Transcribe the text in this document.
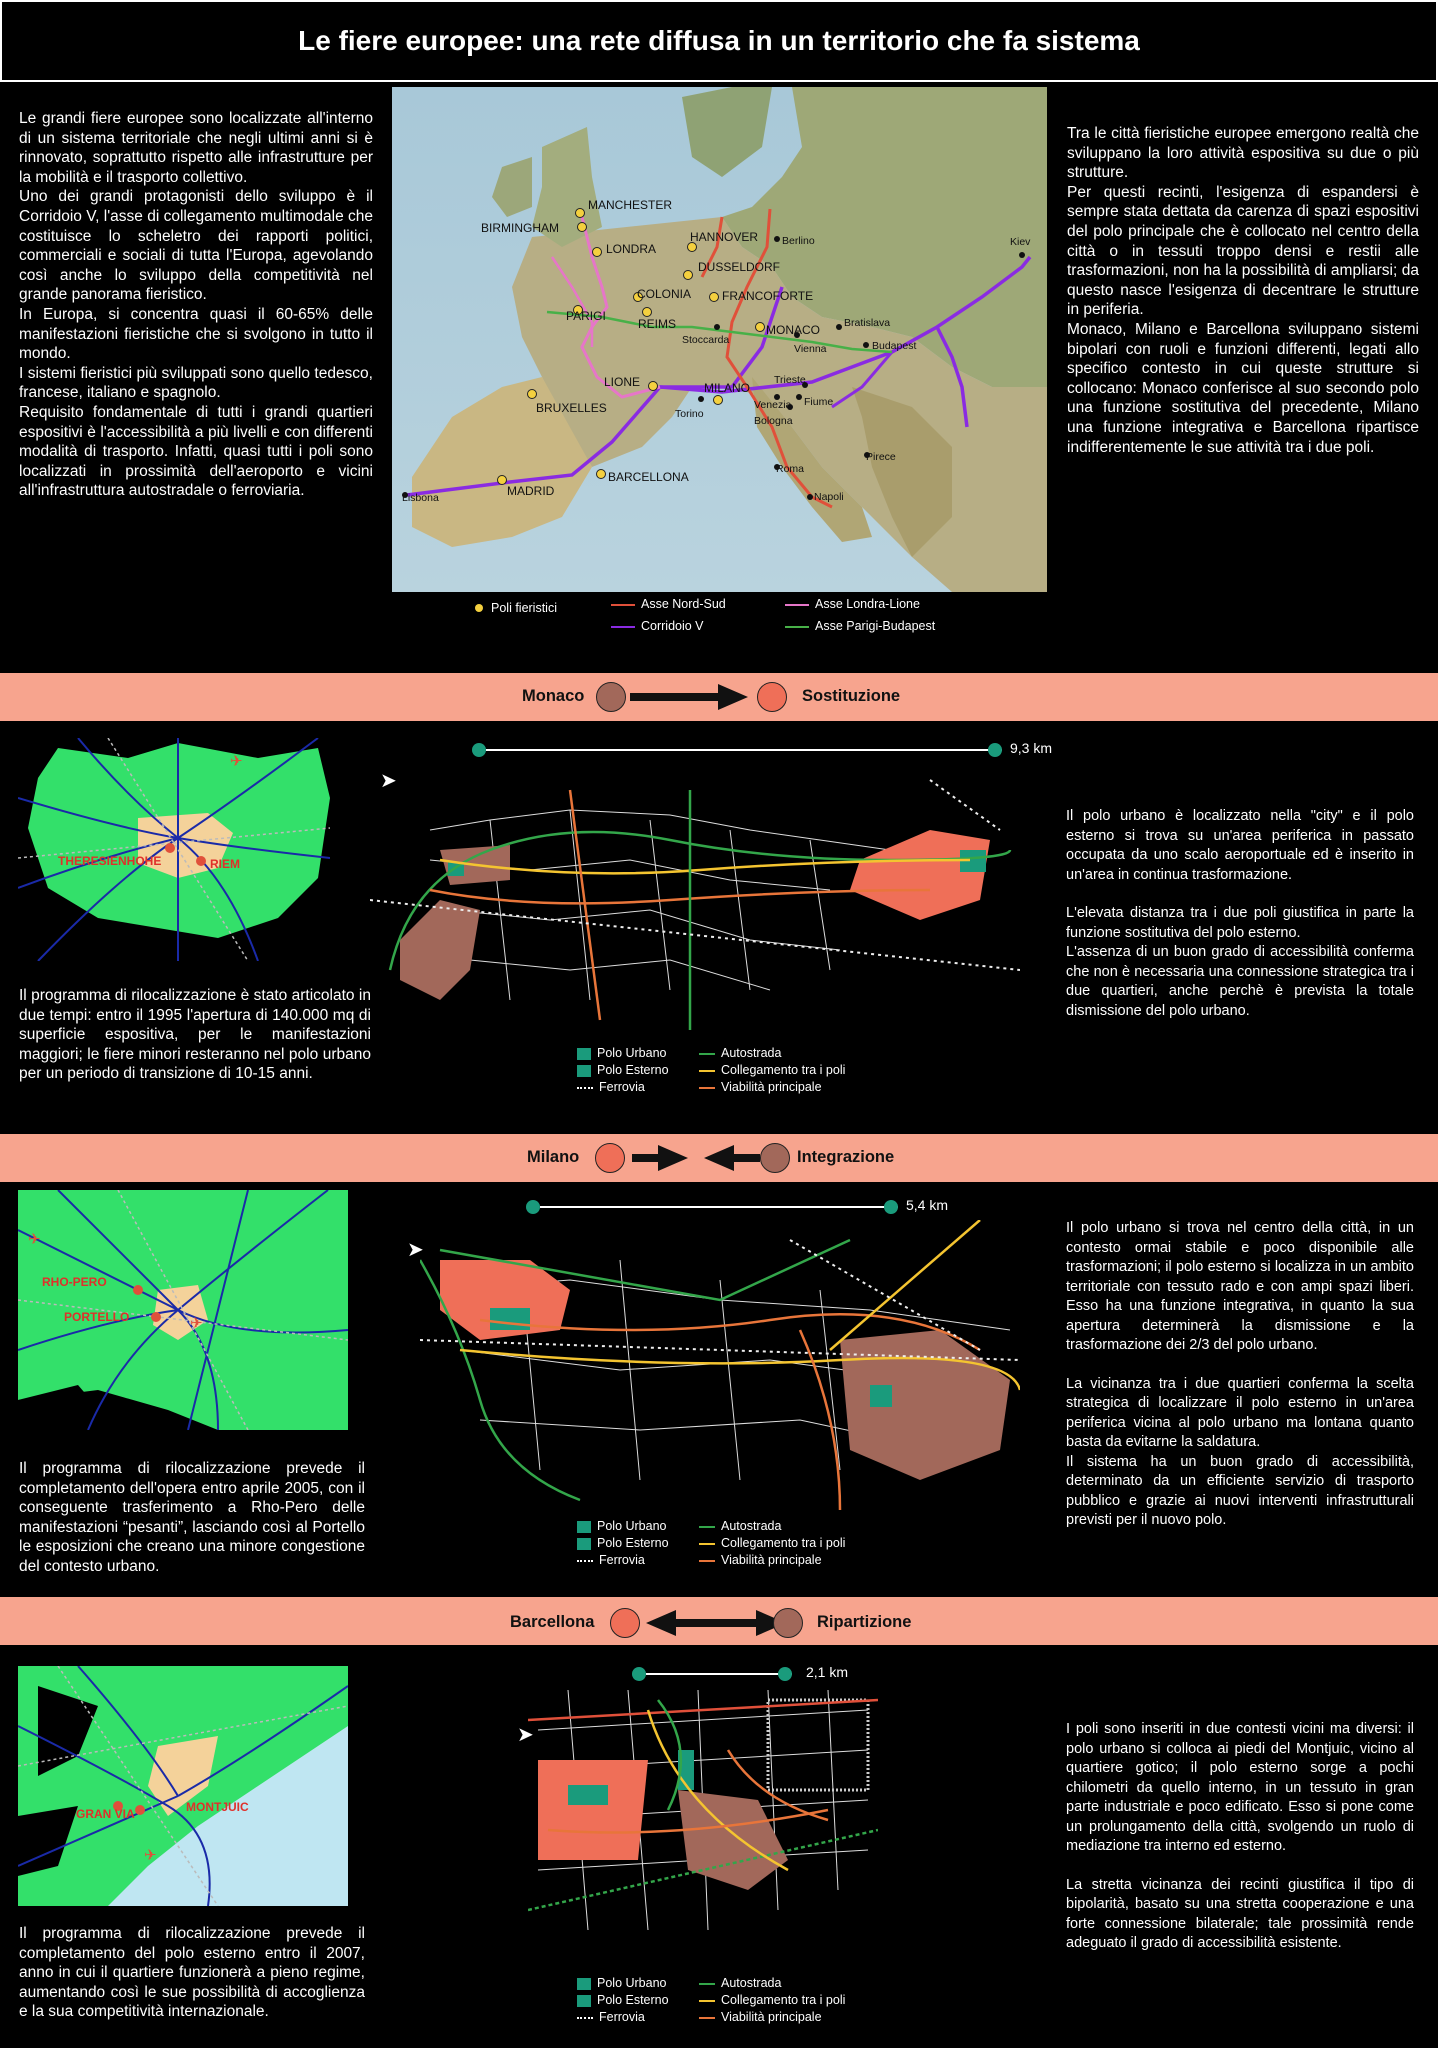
Le fiere europee: una rete diffusa in un territorio che fa sistema

Le grandi fiere europee sono localizzate all'interno di un sistema territoriale che negli ultimi anni si è rinnovato, soprattutto rispetto alle infrastrutture per la mobilità e il trasporto collettivo.

Uno dei grandi protagonisti dello sviluppo è il Corridoio V, l'asse di collegamento multimodale che costituisce lo scheletro dei rapporti politici, commerciali e sociali di tutta l'Europa, agevolando così anche lo sviluppo della competitività nel grande panorama fieristico.

In Europa, si concentra quasi il 60-65% delle manifestazioni fieristiche che si svolgono in tutto il mondo.

I sistemi fieristici più sviluppati sono quello tedesco, francese, italiano e spagnolo.

Requisito fondamentale di tutti i grandi quartieri espositivi è l'accessibilità a più livelli e con differenti modalità di trasporto. Infatti, quasi tutti i poli sono localizzati in prossimità dell'aeroporto e vicini all'infrastruttura autostradale o ferroviaria.

MANCHESTER
BIRMINGHAM
LONDRA
HANNOVER
DUSSELDORF
COLONIA	FRANCOFORTE
PARIGI
REIMS	MONACO
LIONE	MILANO
BRUXELLES
BARCELLONA
MADRID
Berlino	Kiev
Stoccarda
Bratislava
Vienna	Budapest
Trieste
Venezia Fiume
Torino
Bologna
Roma
Napoli
Pirece
Lisbona
Poli fieristici	Asse Nord-Sud
Corridoio V
Asse Londra-Lione
Asse Parigi-Budapest

Tra le città fieristiche europee emergono realtà che sviluppano la loro attività espositiva su due o più strutture.

Per questi recinti, l'esigenza di espandersi è sempre stata dettata da carenza di spazi espositivi del polo principale che è collocato nel centro della città o in tessuti troppo densi e restii alle trasformazioni, non ha la possibilità di ampliarsi; da questo nasce l'esigenza di decentrare le strutture in periferia.

Monaco, Milano e Barcellona sviluppano sistemi bipolari con ruoli e funzioni differenti, legati allo specifico contesto in cui queste strutture si collocano: Monaco conferisce al suo secondo polo una funzione sostitutiva del precedente, Milano una funzione integrativa e Barcellona ripartisce indifferentemente le sue attività tra i due poli.

Monaco	Sostituzione
THERESIENHOHE	RIEM
✈
Il programma di rilocalizzazione è stato articolato in due tempi: entro il 1995 l'apertura di 140.000 mq di superficie espositiva, per le manifestazioni maggiori; le fiere minori resteranno nel polo urbano per un periodo di transizione di 10-15 anni.
9,3 km
➤
Polo Urbano
Polo Esterno
Ferrovia
Autostrada
Collegamento tra i poli
Viabilità principale

Il polo urbano è localizzato nella "city" e il polo esterno si trova su un'area periferica in passato occupata da uno scalo aeroportuale ed è inserito in un'area in continua trasformazione.

L'elevata distanza tra i due poli giustifica in parte la funzione sostitutiva del polo esterno.

L'assenza di un buon grado di accessibilità conferma che non è necessaria una connessione strategica tra i due quartieri, anche perchè è prevista la totale dismissione del polo urbano.

Milano	Integrazione
RHO-PERO
PORTELLO
✈
✈
Il programma di rilocalizzazione prevede il completamento dell'opera entro aprile 2005, con il conseguente trasferimento a Rho-Pero delle manifestazioni “pesanti”, lasciando così al Portello le esposizioni che creano una minore congestione del contesto urbano.
5,4 km
➤
Polo Urbano
Polo Esterno
Ferrovia
Autostrada
Collegamento tra i poli
Viabilità principale

Il polo urbano si trova nel centro della città, in un contesto ormai stabile e poco disponibile alle trasformazioni; il polo esterno si localizza in un ambito territoriale con tessuto rado e con ampi spazi liberi. Esso ha una funzione integrativa, in quanto la sua apertura determinerà la dismissione e la trasformazione dei 2/3 del polo urbano.

La vicinanza tra i due quartieri conferma la scelta strategica di localizzare il polo esterno in un'area periferica vicina al polo urbano ma lontana quanto basta da evitarne la saldatura.

Il sistema ha un buon grado di accessibilità, determinato da un efficiente servizio di trasporto pubblico e grazie ai nuovi interventi infrastrutturali previsti per il nuovo polo.

Barcellona	Ripartizione
MONTJUIC
GRAN VIA
✈
Il programma di rilocalizzazione prevede il completamento del polo esterno entro il 2007, anno in cui il quartiere funzionerà a pieno regime, aumentando così le sue possibilità di accoglienza e la sua competitività internazionale.
2,1 km
➤
Polo Urbano
Polo Esterno
Ferrovia
Autostrada
Collegamento tra i poli
Viabilità principale

I poli sono inseriti in due contesti vicini ma diversi: il polo urbano si colloca ai piedi del Montjuic, vicino al quartiere gotico; il polo esterno sorge a pochi chilometri da quello interno, in un tessuto in gran parte industriale e poco edificato. Esso si pone come un prolungamento della città, svolgendo un ruolo di mediazione tra interno ed esterno.

La stretta vicinanza dei recinti giustifica il tipo di bipolarità, basato su una stretta cooperazione e una forte connessione bilaterale; tale prossimità rende adeguato il grado di accessibilità esistente.
